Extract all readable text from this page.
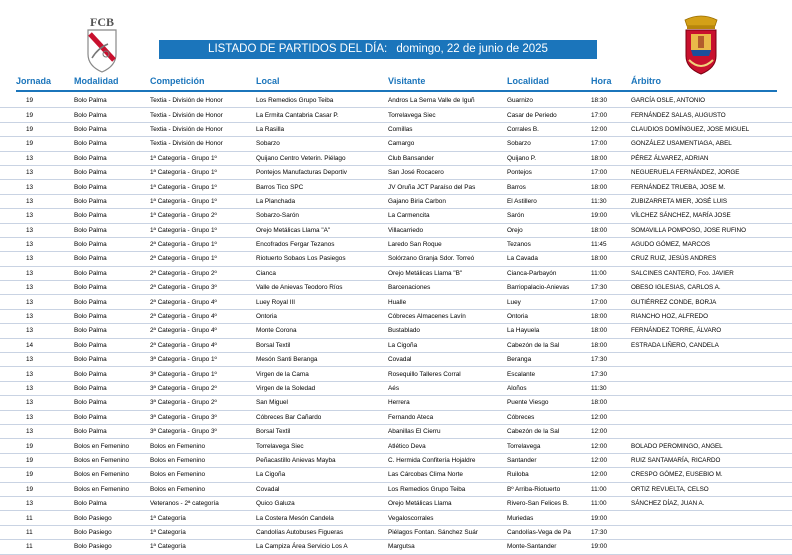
FCB
LISTADO DE PARTIDOS DEL DÍA: domingo, 22 de junio de 2025
Jornada	Modalidad	Competición	Local	Visitante	Localidad	Hora Árbitro
19	Bolo Palma	Textia - División de Honor	Los Remedios Grupo Teiba	Andros La Serna Valle de Iguñ	Guarnizo	18:30	GARCÍA OSLE, ANTONIO
19	Bolo Palma	Textia - División de Honor	La Ermita Cantabria Casar P.	Torrelavega Siec	Casar de Periedo	17:00	FERNÁNDEZ SALAS, AUGUSTO
19	Bolo Palma	Textia - División de Honor	La Rasilla	Comillas	Corrales B.	12:00	CLAUDIOS DOMÍNGUEZ, JOSE MIGUEL
19	Bolo Palma	Textia - División de Honor	Sobarzo	Camargo	Sobarzo	17:00	GONZÁLEZ USAMENTIAGA, ABEL
13	Bolo Palma	1ª Categoría - Grupo 1º	Quijano Centro Veterin. Piélago	Club Bansander	Quijano P.	18:00	PÉREZ ÁLVAREZ, ADRIAN
13	Bolo Palma	1ª Categoría - Grupo 1º	Pontejos Manufacturas Deportiv	San José Rocacero	Pontejos	17:00	NEGUERUELA FERNÁNDEZ, JORGE
13	Bolo Palma	1ª Categoría - Grupo 1º	Barros Tico SPC	JV Oruña JCT Paraíso del Pas	Barros	18:00	FERNÁNDEZ TRUEBA, JOSE M.
13	Bolo Palma	1ª Categoría - Grupo 1º	La Planchada	Gajano Biria Carbon	El Astillero	11:30	ZUBIZARRETA MIER, JOSÉ LUIS
13	Bolo Palma	1ª Categoría - Grupo 2º	Sobarzo-Sarón	La Carmencita	Sarón	19:00	VÍLCHEZ SÁNCHEZ, MARÍA JOSE
13	Bolo Palma	1ª Categoría - Grupo 1º	Orejo Metálicas Llama "A"	Villacarriedo	Orejo	18:00	SOMAVILLA POMPOSO, JOSE RUFINO
13	Bolo Palma	2ª Categoría - Grupo 1º	Encofrados Fergar Tezanos	Laredo San Roque	Tezanos	11:45	AGUDO GÓMEZ, MARCOS
13	Bolo Palma	2ª Categoría - Grupo 1º	Riotuerto Sobaos Los Pasiegos	Solórzano Granja Sdor. Torreó	La Cavada	18:00	CRUZ RUIZ, JESÚS ANDRES
13	Bolo Palma	2ª Categoría - Grupo 2º	Cianca	Orejo Metálicas Llama "B"	Cianca-Parbayón	11:00	SALCINES CANTERO, Fco. JAVIER
13	Bolo Palma	2ª Categoría - Grupo 3º	Valle de Anievas Teodoro Ríos	Barcenaciones	Barriopalacio-Anievas	17:30	OBESO IGLESIAS, CARLOS A.
13	Bolo Palma	2ª Categoría - Grupo 4º	Luey Royal III	Hualle	Luey	17:00	GUTIÉRREZ CONDE, BORJA
13	Bolo Palma	2ª Categoría - Grupo 4º	Ontoria	Cóbreces Almacenes Lavín	Ontoria	18:00	RIANCHO HOZ, ALFREDO
13	Bolo Palma	2ª Categoría - Grupo 4º	Monte Corona	Bustablado	La Hayuela	18:00	FERNÁNDEZ TORRE, ÁLVARO
14	Bolo Palma	2ª Categoría - Grupo 4º	Borsal Textil	La Cigoña	Cabezón de la Sal	18:00	ESTRADA LIÑERO, CANDELA
13	Bolo Palma	3ª Categoría - Grupo 1º	Mesón Santi Beranga	Covadal	Beranga	17:30	
13	Bolo Palma	3ª Categoría - Grupo 1º	Virgen de la Cama	Rosequillo Talleres Corral	Escalante	17:30	
13	Bolo Palma	3ª Categoría - Grupo 2º	Virgen de la Soledad	Aés	Aloños	11:30	
13	Bolo Palma	3ª Categoría - Grupo 2º	San Miguel	Herrera	Puente Viesgo	18:00	
13	Bolo Palma	3ª Categoría - Grupo 3º	Cóbreces Bar Cañardo	Fernando Ateca	Cóbreces	12:00	
13	Bolo Palma	3ª Categoría - Grupo 3º	Borsal Textil	Abanillas El Cierru	Cabezón de la Sal	12:00	
19	Bolos en Femenino	Bolos en Femenino	Torrelavega Siec	Atlético Deva	Torrelavega	12:00	BOLADO PEROMINGO, ANGEL
19	Bolos en Femenino	Bolos en Femenino	Peñacastillo Anievas Mayba	C. Hermida Confitería Hojaldre	Santander	12:00	RUIZ SANTAMARÍA, RICARDO
19	Bolos en Femenino	Bolos en Femenino	La Cigoña	Las Cárcobas Clima Norte	Ruiloba	12:00	CRESPO GÓMEZ, EUSEBIO M.
19	Bolos en Femenino	Bolos en Femenino	Covadal	Los Remedios Grupo Teiba	Bº Arriba-Riotuerto	11:00	ORTIZ REVUELTA, CELSO
13	Bolo Palma	Veteranos - 2ª categoría	Quico Galuza	Orejo Metálicas Llama	Rivero-San Felices B.	11:00	SÁNCHEZ DÍAZ, JUAN A.
11	Bolo Pasiego	1ª Categoría	La Costera Mesón Candela	Vegaloscorrales	Muriedas	19:00	
11	Bolo Pasiego	1ª Categoría	Candolías Autobuses Figueras	Piélagos Fontan. Sánchez Suár	Candolías-Vega de Pa	17:30	
11	Bolo Pasiego	1ª Categoría	La Campiza Área Servicio Los A	Margutsa	Monte-Santander	19:00	
